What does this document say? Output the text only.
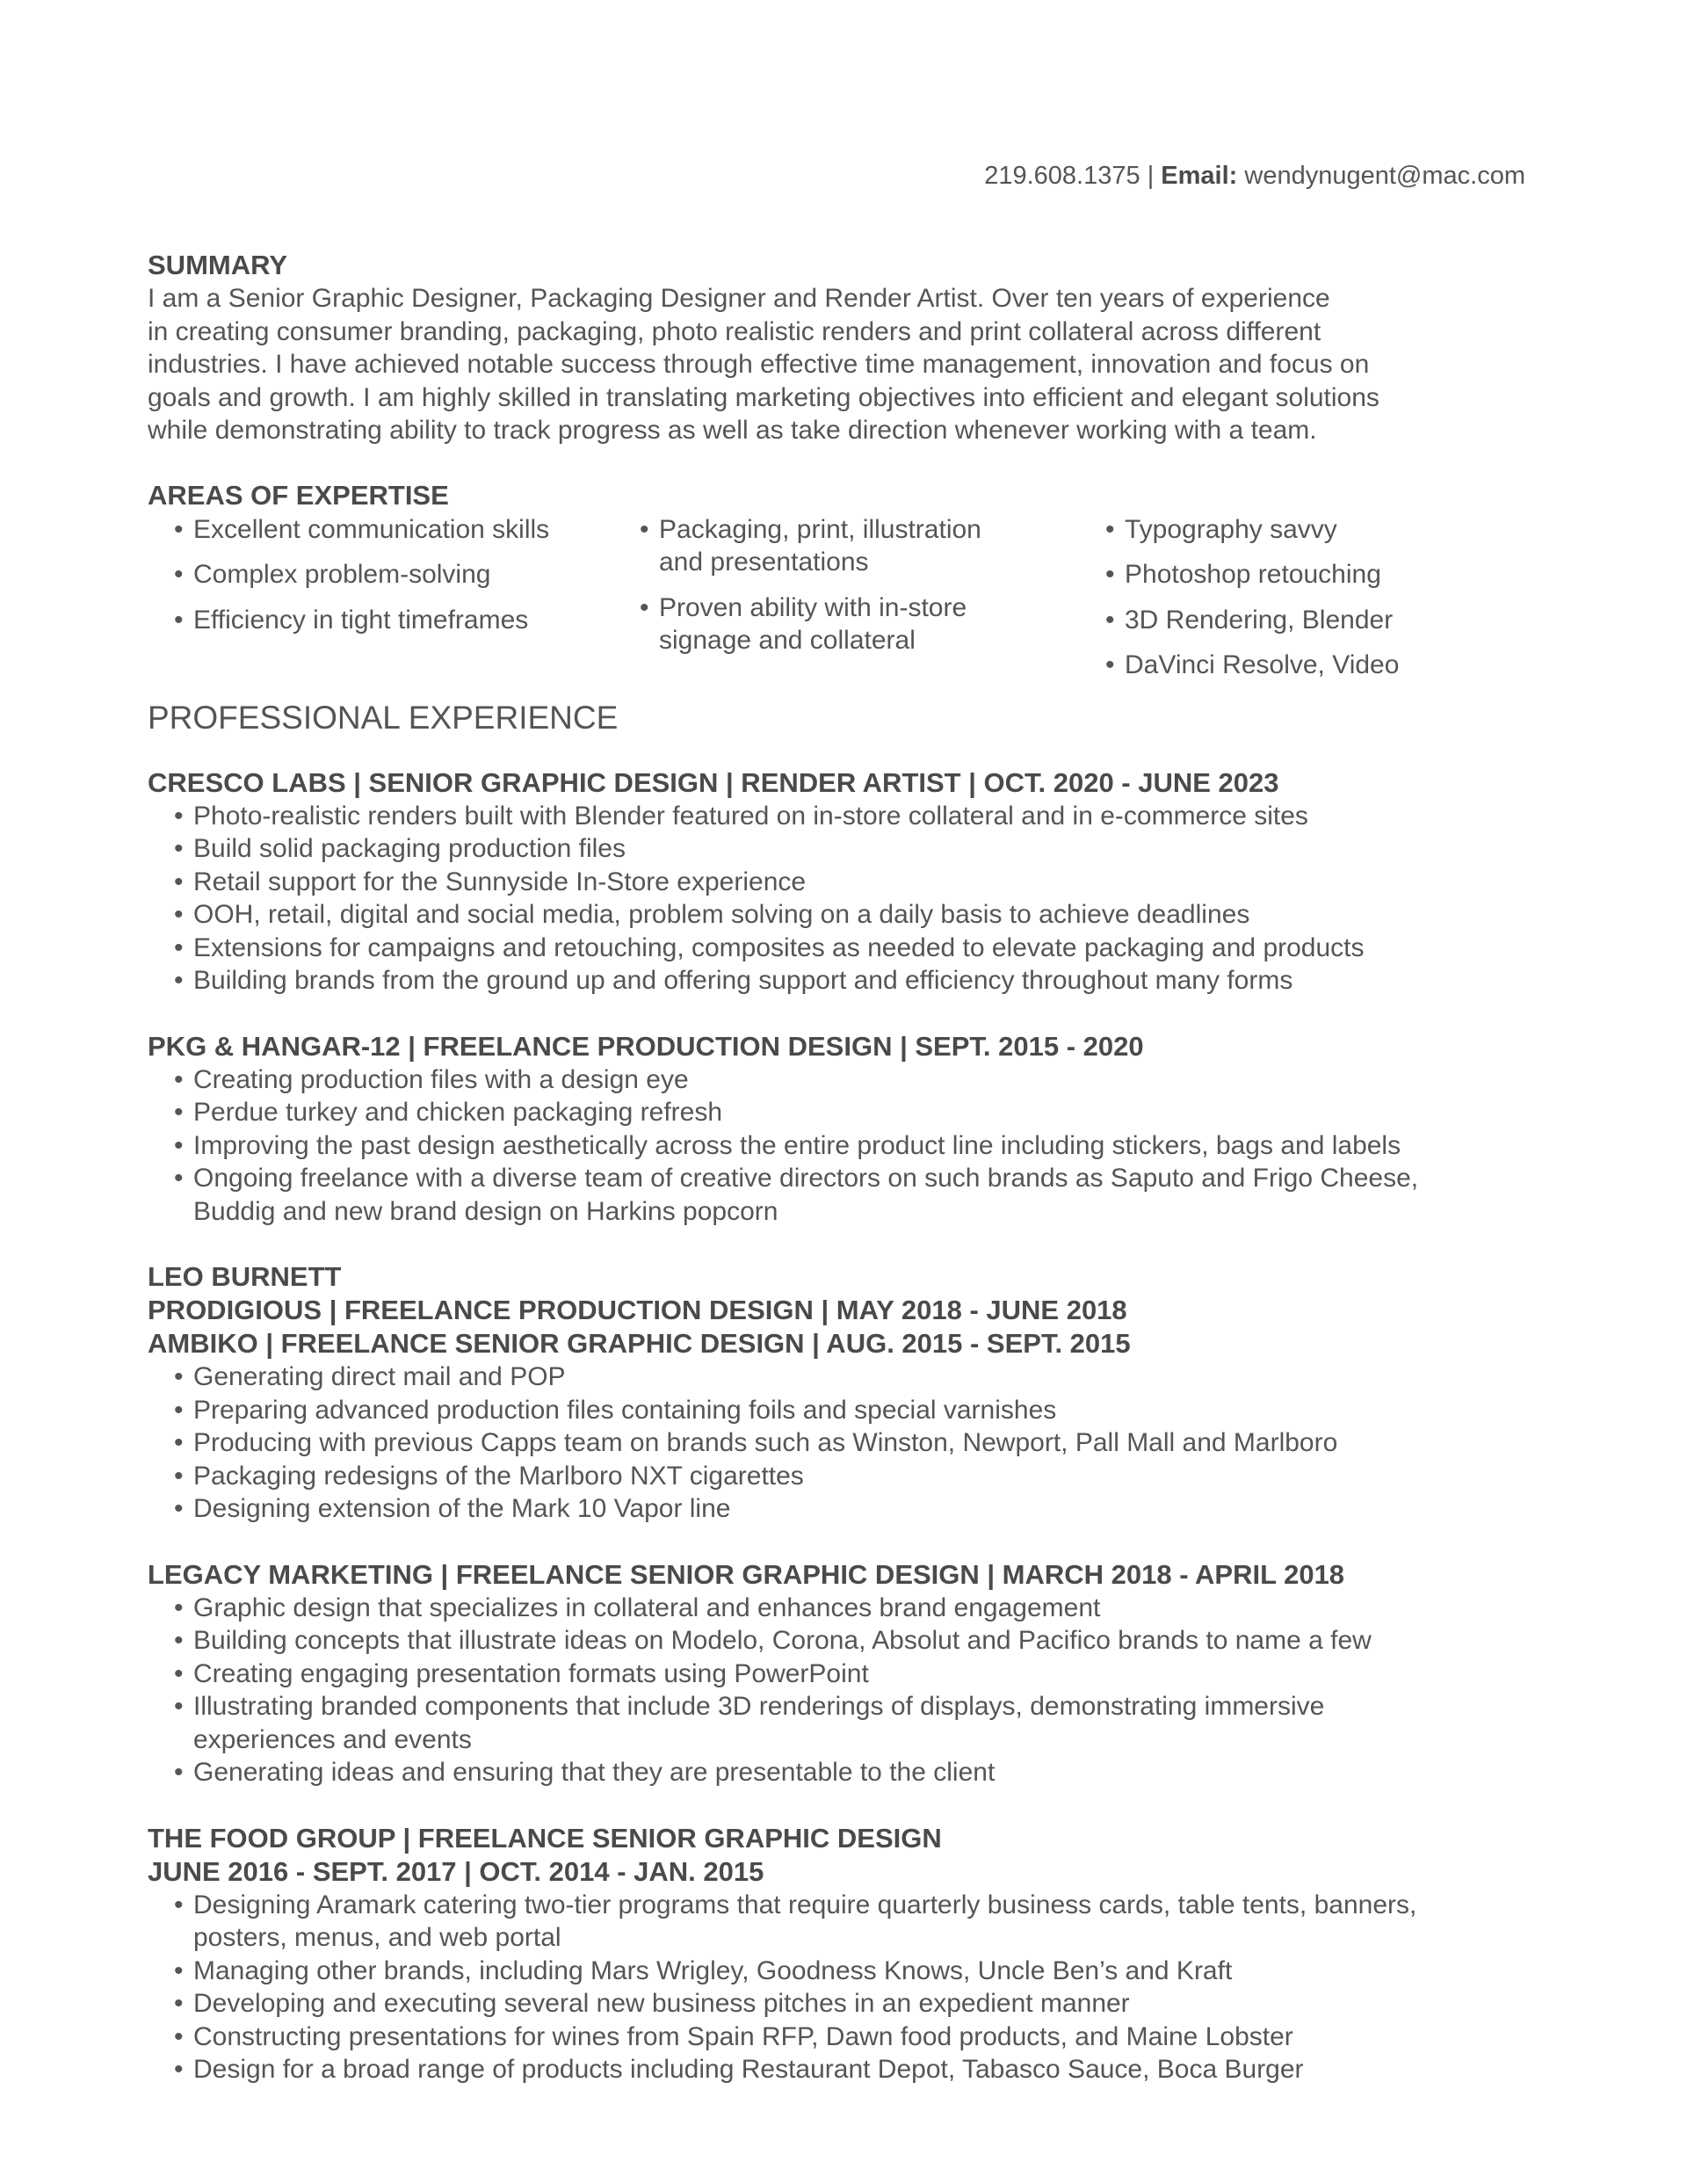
219.608.1375 | Email: wendynugent@mac.com

SUMMARY

I am a Senior Graphic Designer, Packaging Designer and Render Artist. Over ten years of experience

in creating consumer branding, packaging, photo realistic renders and print collateral across different

industries. I have achieved notable success through effective time management, innovation and focus on

goals and growth. I am highly skilled in translating marketing objectives into efficient and elegant solutions

while demonstrating ability to track progress as well as take direction whenever working with a team.

AREAS OF EXPERTISE

• Excellent communication skills
• Complex problem-solving
• Efficiency in tight timeframes
• Packaging, print, illustration
and presentations
• Proven ability with in-store
signage and collateral
• Typography savvy
• Photoshop retouching
• 3D Rendering, Blender
• DaVinci Resolve, Video

PROFESSIONAL EXPERIENCE

CRESCO LABS | SENIOR GRAPHIC DESIGN | RENDER ARTIST | OCT. 2020 - JUNE 2023

• Photo-realistic renders built with Blender featured on in-store collateral and in e-commerce sites
• Build solid packaging production files
• Retail support for the Sunnyside In-Store experience
• OOH, retail, digital and social media, problem solving on a daily basis to achieve deadlines
• Extensions for campaigns and retouching, composites as needed to elevate packaging and products
• Building brands from the ground up and offering support and efficiency throughout many forms

PKG & HANGAR-12 | FREELANCE PRODUCTION DESIGN | SEPT. 2015 - 2020

• Creating production files with a design eye
• Perdue turkey and chicken packaging refresh
• Improving the past design aesthetically across the entire product line including stickers, bags and labels
• Ongoing freelance with a diverse team of creative directors on such brands as Saputo and Frigo Cheese,
Buddig and new brand design on Harkins popcorn

LEO BURNETT

PRODIGIOUS | FREELANCE PRODUCTION DESIGN | MAY 2018 - JUNE 2018

AMBIKO | FREELANCE SENIOR GRAPHIC DESIGN | AUG. 2015 - SEPT. 2015

• Generating direct mail and POP
• Preparing advanced production files containing foils and special varnishes
• Producing with previous Capps team on brands such as Winston, Newport, Pall Mall and Marlboro
• Packaging redesigns of the Marlboro NXT cigarettes
• Designing extension of the Mark 10 Vapor line

LEGACY MARKETING | FREELANCE SENIOR GRAPHIC DESIGN | MARCH 2018 - APRIL 2018

• Graphic design that specializes in collateral and enhances brand engagement
• Building concepts that illustrate ideas on Modelo, Corona, Absolut and Pacifico brands to name a few
• Creating engaging presentation formats using PowerPoint
• Illustrating branded components that include 3D renderings of displays, demonstrating immersive
experiences and events
• Generating ideas and ensuring that they are presentable to the client

THE FOOD GROUP | FREELANCE SENIOR GRAPHIC DESIGN

JUNE 2016 - SEPT. 2017 | OCT. 2014 - JAN. 2015

• Designing Aramark catering two-tier programs that require quarterly business cards, table tents, banners,
posters, menus, and web portal
• Managing other brands, including Mars Wrigley, Goodness Knows, Uncle Ben’s and Kraft
• Developing and executing several new business pitches in an expedient manner
• Constructing presentations for wines from Spain RFP, Dawn food products, and Maine Lobster
• Design for a broad range of products including Restaurant Depot, Tabasco Sauce, Boca Burger
